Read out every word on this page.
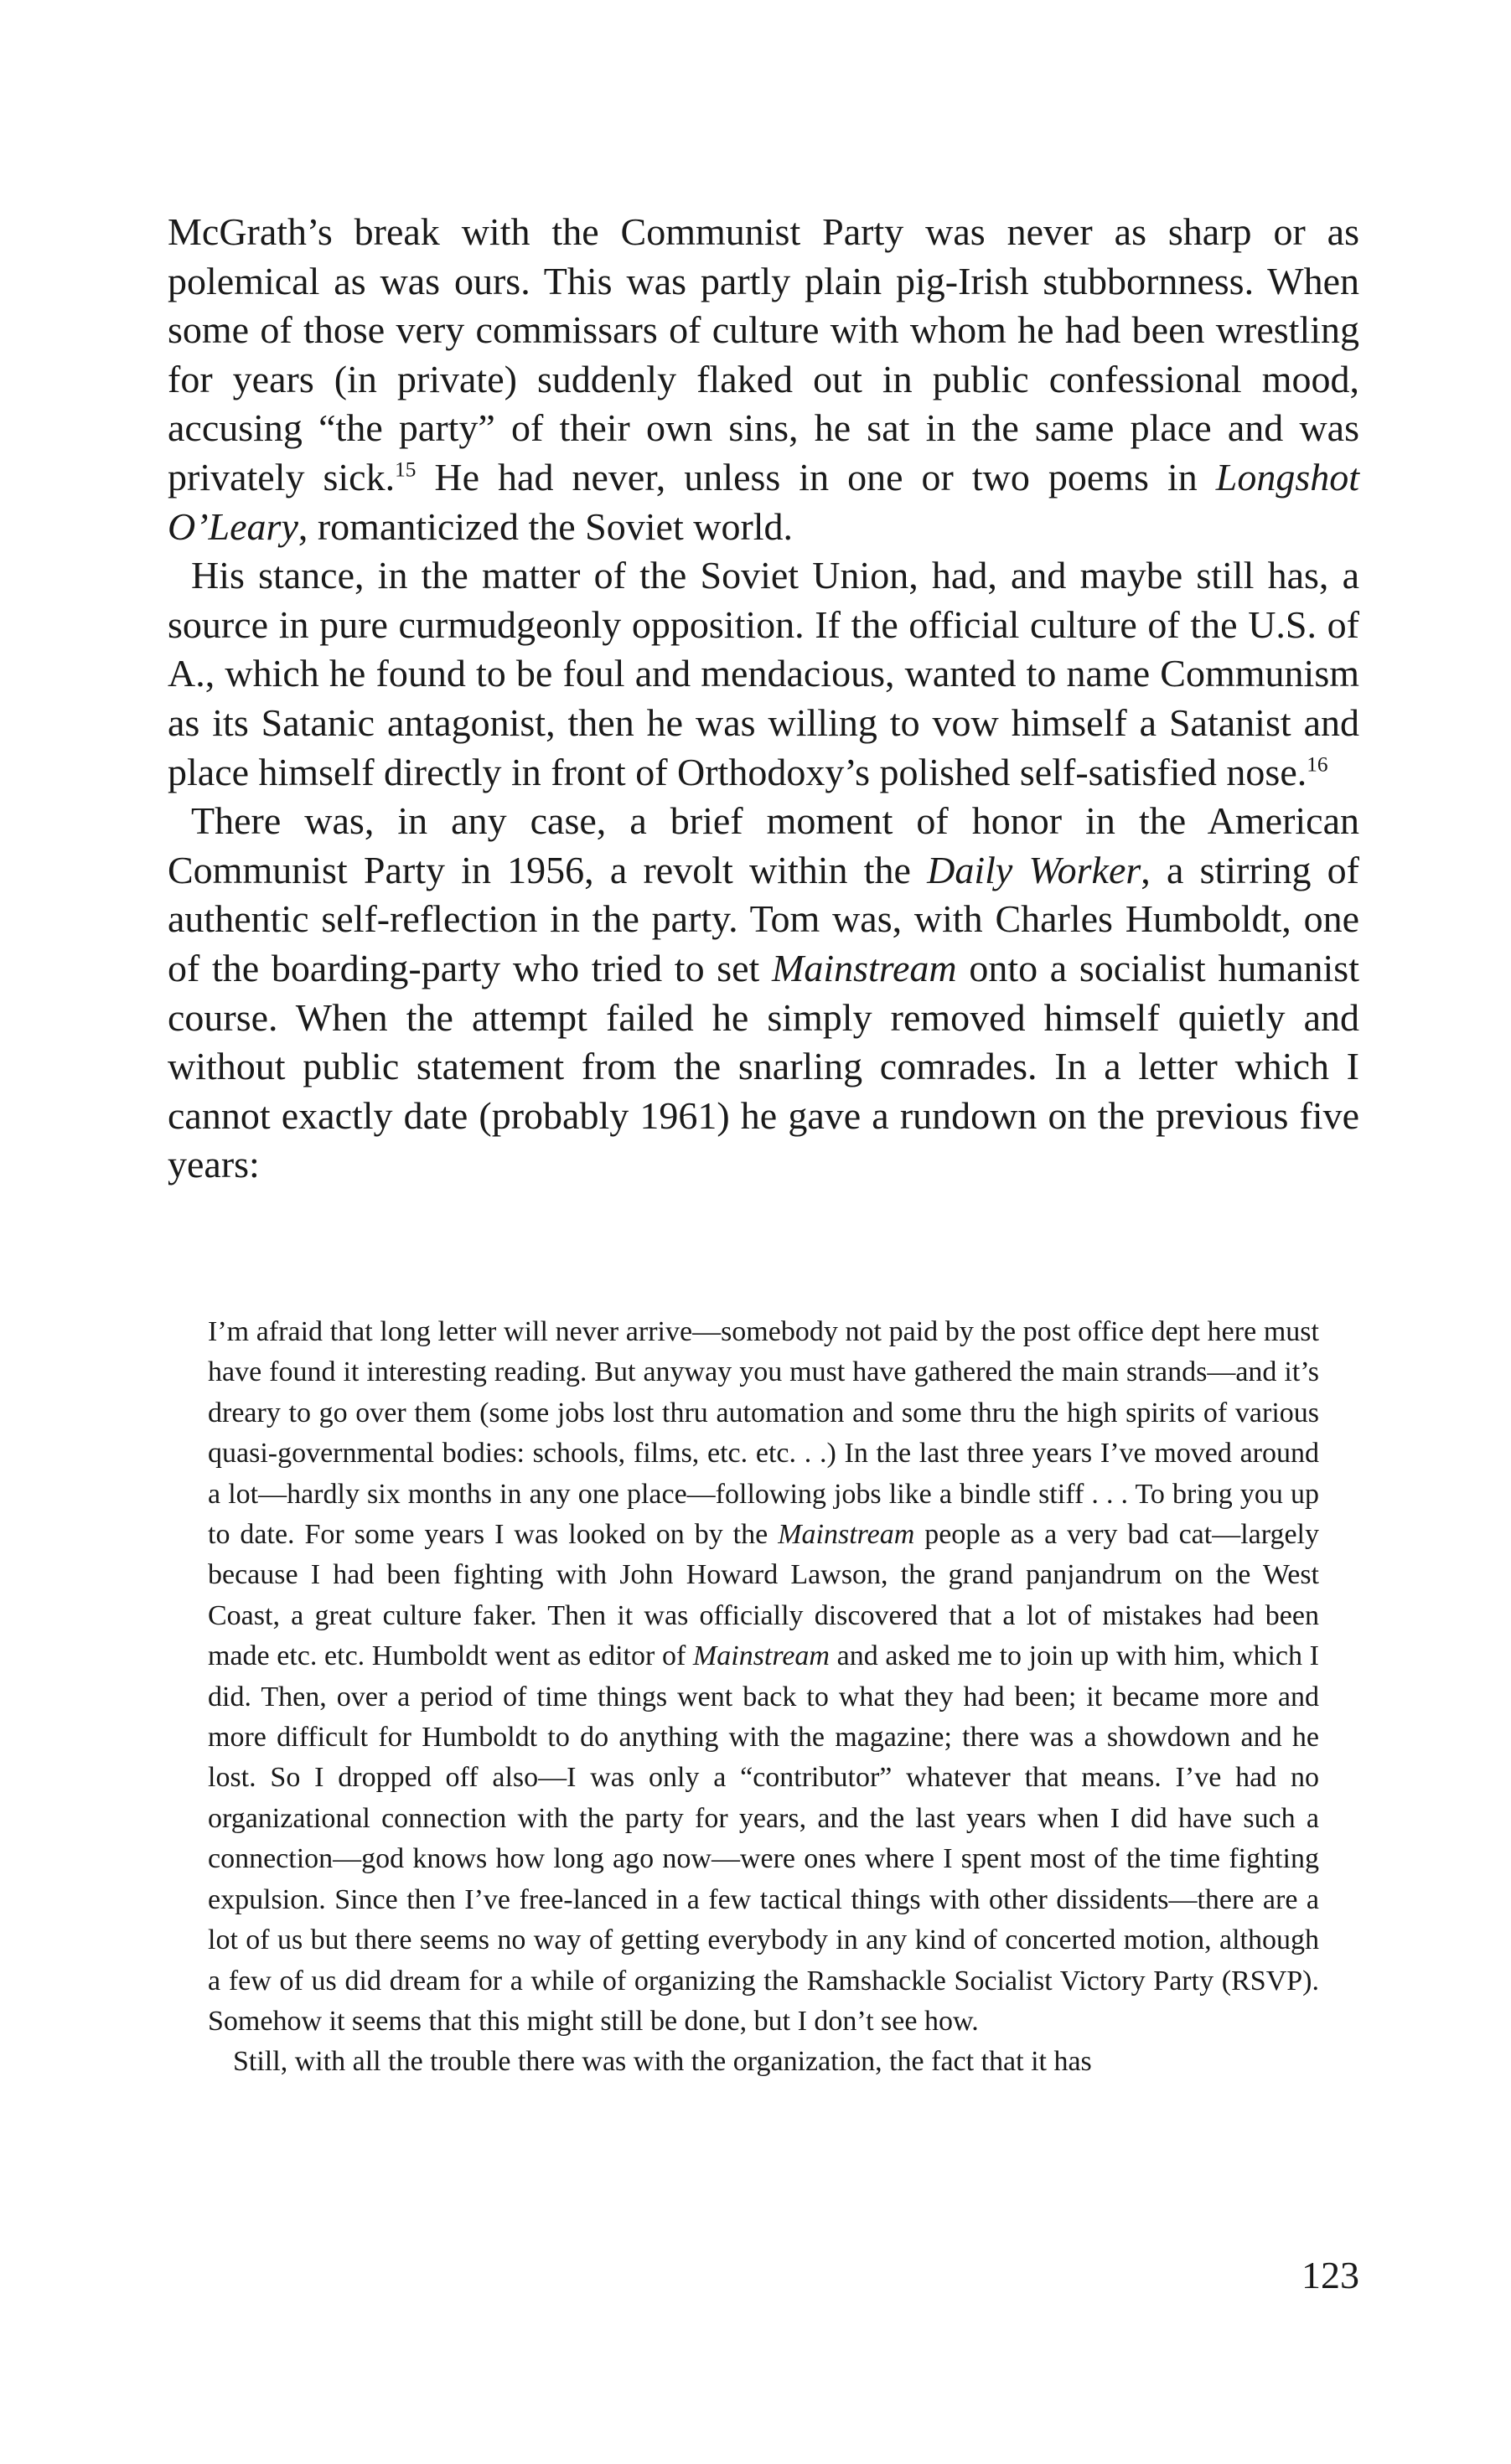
McGrath’s break with the Communist Party was never as sharp or as polemical as was ours. This was partly plain pig-Irish stubbornness. When some of those very commissars of culture with whom he had been wrestling for years (in private) suddenly flaked out in public confessional mood, accusing “the party” of their own sins, he sat in the same place and was privately sick.$^{15}$ He had never, unless in one or two poems in Longshot O’Leary, romanticized the Soviet world.

His stance, in the matter of the Soviet Union, had, and maybe still has, a source in pure curmudgeonly opposition. If the official culture of the U.S. of A., which he found to be foul and mendacious, wanted to name Communism as its Satanic antagonist, then he was willing to vow himself a Satanist and place himself directly in front of Orthodoxy’s polished self-satisfied nose.$^{16}$

There was, in any case, a brief moment of honor in the American Communist Party in 1956, a revolt within the Daily Worker, a stirring of authentic self-reflection in the party. Tom was, with Charles Humboldt, one of the boarding-party who tried to set Mainstream onto a socialist humanist course. When the attempt failed he simply removed himself quietly and without public statement from the snarling comrades. In a letter which I cannot exactly date (probably 1961) he gave a rundown on the previous five years:

I’m afraid that long letter will never arrive—somebody not paid by the post office dept here must have found it interesting reading. But anyway you must have gathered the main strands—and it’s dreary to go over them (some jobs lost thru automation and some thru the high spirits of various quasi-governmental bodies: schools, films, etc. etc. . .) In the last three years I’ve moved around a lot—hardly six months in any one place—following jobs like a bindle stiff . . . To bring you up to date. For some years I was looked on by the Mainstream people as a very bad cat—largely because I had been fighting with John Howard Lawson, the grand panjandrum on the West Coast, a great culture faker. Then it was officially discovered that a lot of mistakes had been made etc. etc. Humboldt went as editor of Mainstream and asked me to join up with him, which I did. Then, over a period of time things went back to what they had been; it became more and more difficult for Humboldt to do anything with the magazine; there was a showdown and he lost. So I dropped off also—I was only a “contributor” whatever that means. I’ve had no organizational connection with the party for years, and the last years when I did have such a connection—god knows how long ago now—were ones where I spent most of the time fighting expulsion. Since then I’ve free-lanced in a few tactical things with other dissidents—there are a lot of us but there seems no way of getting everybody in any kind of concerted motion, although a few of us did dream for a while of organizing the Ramshackle Socialist Victory Party (RSVP). Somehow it seems that this might still be done, but I don’t see how.

Still, with all the trouble there was with the organization, the fact that it has

123
